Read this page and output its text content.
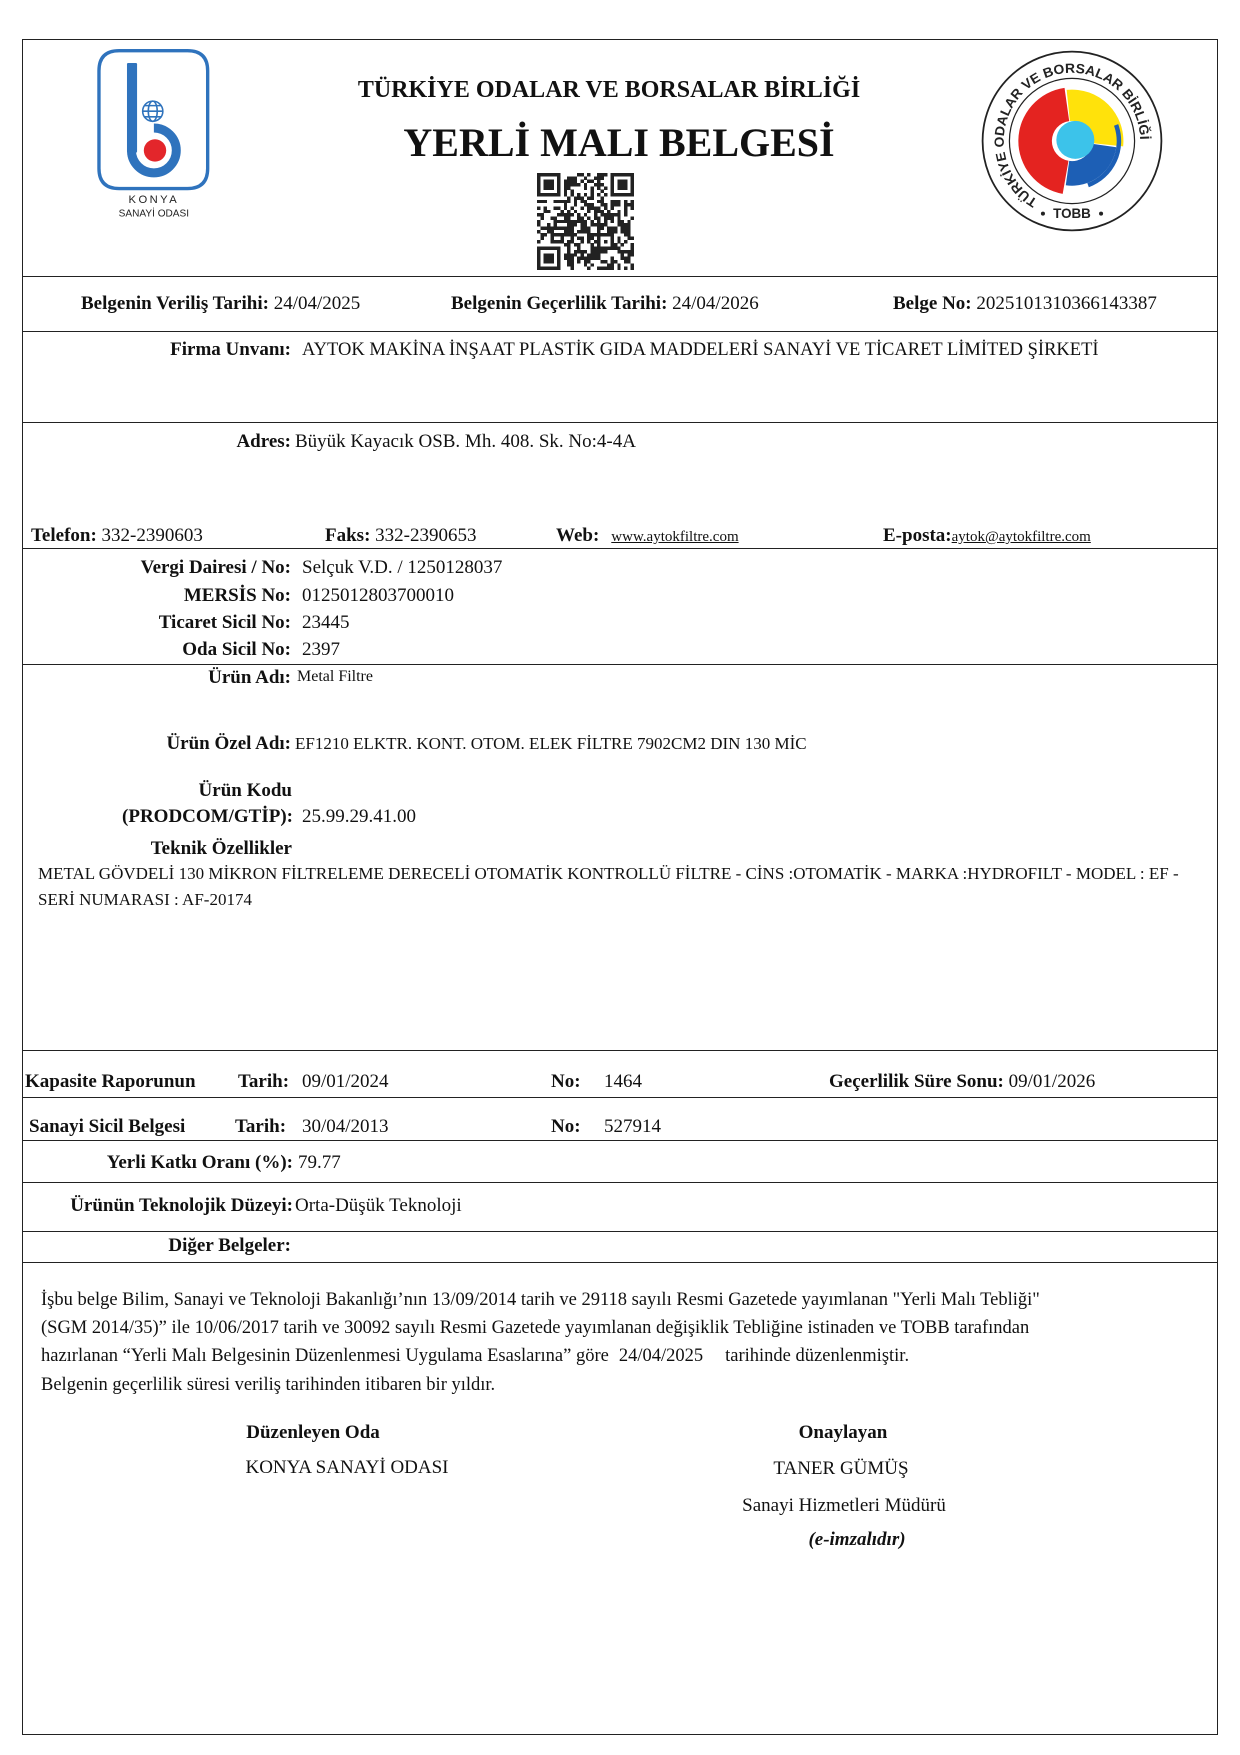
KONYA
SANAYİ ODASI
TÜRKİYE ODALAR VE BORSALAR BİRLİĞİ
YERLİ MALI BELGESİ
TÜRKİYE ODALAR VE BORSALAR BİRLİĞİ
TOBB
Belgenin Veriliş Tarihi: 24/04/2025	Belgenin Geçerlilik Tarihi: 24/04/2026	Belge No: 2025101310366143387
Firma Unvanı: AYTOK MAKİNA İNŞAAT PLASTİK GIDA MADDELERİ SANAYİ VE TİCARET LİMİTED ŞİRKETİ
Adres: Büyük Kayacık OSB. Mh. 408. Sk. No:4-4A
Telefon: 332-2390603	Faks: 332-2390653	Web: www.aytokfiltre.com	E-posta:aytok@aytokfiltre.com
Vergi Dairesi / No: Selçuk V.D. / 1250128037
MERSİS No: 0125012803700010
Ticaret Sicil No: 23445
Oda Sicil No: 2397
Ürün Adı: Metal Filtre
Ürün Özel Adı: EF1210 ELKTR. KONT. OTOM. ELEK FİLTRE 7902CM2 DIN 130 MİC
Ürün Kodu
(PRODCOM/GTİP): 25.99.29.41.00
Teknik Özellikler
METAL GÖVDELİ 130 MİKRON FİLTRELEME DERECELİ OTOMATİK KONTROLLÜ FİLTRE - CİNS :OTOMATİK - MARKA :HYDROFILT - MODEL : EF - SERİ NUMARASI : AF-20174
Kapasite Raporunun Tarih: 09/01/2024	No: 1464	Geçerlilik Süre Sonu: 09/01/2026
Sanayi Sicil Belgesi	Tarih: 30/04/2013	No: 527914
Yerli Katkı Oranı (%): 79.77
Ürünün Teknolojik Düzeyi: Orta-Düşük Teknoloji
Diğer Belgeler:
İşbu belge Bilim, Sanayi ve Teknoloji Bakanlığı’nın 13/09/2014 tarih ve 29118 sayılı Resmi Gazetede yayımlanan "Yerli Malı Tebliği"
(SGM 2014/35)” ile 10/06/2017 tarih ve 30092 sayılı Resmi Gazetede yayımlanan değişiklik Tebliğine istinaden ve TOBB tarafından
hazırlanan “Yerli Malı Belgesinin Düzenlenmesi Uygulama Esaslarına” göre 24/04/2025 tarihinde düzenlenmiştir.
Belgenin geçerlilik süresi veriliş tarihinden itibaren bir yıldır.
Düzenleyen Oda
KONYA SANAYİ ODASI
Onaylayan
TANER GÜMÜŞ
Sanayi Hizmetleri Müdürü
(e-imzalıdır)
